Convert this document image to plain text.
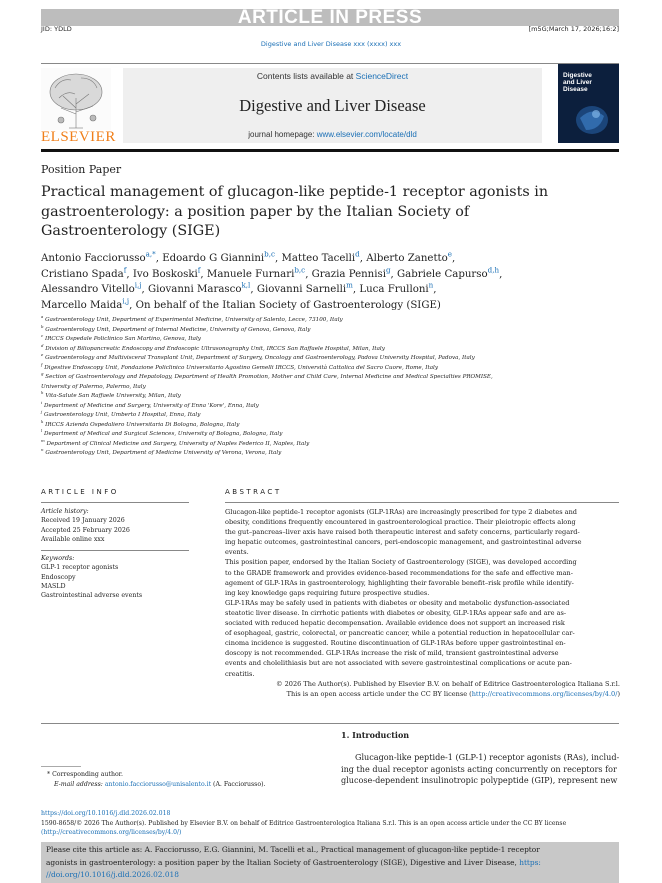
ARTICLE IN PRESS
JID: YDLD	[m5G;March 17, 2026;16:2]
Digestive and Liver Disease xxx (xxxx) xxx
ELSEVIER
Contents lists available at ScienceDirect
Digestive and Liver Disease
journal homepage: www.elsevier.com/locate/dld
Digestive
and Liver
Disease
Position Paper
Practical management of glucagon-like peptide-1 receptor agonists in
gastroenterology: a position paper by the Italian Society of
Gastroenterology (SIGE)
Antonio Facciorusso$^{a,*}$, Edoardo G Giannini$^{b,c}$, Matteo Tacelli$^d$, Alberto Zanetto$^e$,
Cristiano Spada$^f$, Ivo Boskoski$^f$, Manuele Furnari$^{b,c}$, Grazia Pennisi$^g$, Gabriele Capurso$^{d,h}$,
Alessandro Vitello$^{i,j}$, Giovanni Marasco$^{k,l}$, Giovanni Sarnelli$^m$, Luca Frulloni$^n$,
Marcello Maida$^{i,j}$, On behalf of the Italian Society of Gastroenterology (SIGE)
$^a$ Gastroenterology Unit, Department of Experimental Medicine, University of Salento, Lecce, 73100, Italy
$^b$ Gastroenterology Unit, Department of Internal Medicine, University of Genova, Genova, Italy
$^c$ IRCCS Ospedale Policlinico San Martino, Genova, Italy
$^d$ Division of Biliopancreatic Endoscopy and Endoscopic Ultrasonography Unit, IRCCS San Raffaele Hospital, Milan, Italy
$^e$ Gastroenterology and Multivisceral Transplant Unit, Department of Surgery, Oncology and Gastroenterology, Padova University Hospital, Padova, Italy
$^f$ Digestive Endoscopy Unit, Fondazione Policlinico Universitario Agostino Gemelli IRCCS, Università Cattolica del Sacro Cuore, Rome, Italy
$^g$ Section of Gastroenterology and Hepatology, Department of Health Promotion, Mother and Child Care, Internal Medicine and Medical Specialties PROMISE,
University of Palermo, Palermo, Italy
$^h$ Vita-Salute San Raffaele University, Milan, Italy
$^i$ Department of Medicine and Surgery, University of Enna 'Kore', Enna, Italy
$^j$ Gastroenterology Unit, Umberto I Hospital, Enna, Italy
$^k$ IRCCS Azienda Ospedaliero Universitaria Di Bologna, Bologna, Italy
$^l$ Department of Medical and Surgical Sciences, University of Bologna, Bologna, Italy
$^m$ Department of Clinical Medicine and Surgery, University of Naples Federico II, Naples, Italy
$^n$ Gastroenterology Unit, Department of Medicine University of Verona, Verona, Italy
ARTICLE INFO
Article history:
Received 19 January 2026
Accepted 25 February 2026
Available online xxx
Keywords:
GLP-1 receptor agonists
Endoscopy
MASLD
Gastrointestinal adverse events
ABSTRACT
Glucagon-like peptide-1 receptor agonists (GLP-1RAs) are increasingly prescribed for type 2 diabetes and
obesity, conditions frequently encountered in gastroenterological practice. Their pleiotropic effects along
the gut–pancreas–liver axis have raised both therapeutic interest and safety concerns, particularly regard-
ing hepatic outcomes, gastrointestinal cancers, peri-endoscopic management, and gastrointestinal adverse
events.
This position paper, endorsed by the Italian Society of Gastroenterology (SIGE), was developed according
to the GRADE framework and provides evidence-based recommendations for the safe and effective man-
agement of GLP-1RAs in gastroenterology, highlighting their favorable benefit–risk profile while identify-
ing key knowledge gaps requiring future prospective studies.
GLP-1RAs may be safely used in patients with diabetes or obesity and metabolic dysfunction-associated
steatotic liver disease. In cirrhotic patients with diabetes or obesity, GLP-1RAs appear safe and are as-
sociated with reduced hepatic decompensation. Available evidence does not support an increased risk
of esophageal, gastric, colorectal, or pancreatic cancer, while a potential reduction in hepatocellular car-
cinoma incidence is suggested. Routine discontinuation of GLP-1RAs before upper gastrointestinal en-
doscopy is not recommended. GLP-1RAs increase the risk of mild, transient gastrointestinal adverse
events and cholelithiasis but are not associated with severe gastrointestinal complications or acute pan-
creatitis.
© 2026 The Author(s). Published by Elsevier B.V. on behalf of Editrice Gastroenterologica Italiana S.r.l.
This is an open access article under the CC BY license (http://creativecommons.org/licenses/by/4.0/)
1. Introduction
Glucagon-like peptide-1 (GLP-1) receptor agonists (RAs), includ-
ing the dual receptor agonists acting concurrently on receptors for
glucose-dependent insulinotropic polypeptide (GIP), represent new
* Corresponding author.
E-mail address: antonio.facciorusso@unisalento.it (A. Facciorusso).
https://doi.org/10.1016/j.dld.2026.02.018
1590-8658/© 2026 The Author(s). Published by Elsevier B.V. on behalf of Editrice Gastroenterologica Italiana S.r.l. This is an open access article under the CC BY license
(http://creativecommons.org/licenses/by/4.0/)
Please cite this article as: A. Facciorusso, E.G. Giannini, M. Tacelli et al., Practical management of glucagon-like peptide-1 receptor
agonists in gastroenterology: a position paper by the Italian Society of Gastroenterology (SIGE), Digestive and Liver Disease, https:
//doi.org/10.1016/j.dld.2026.02.018
